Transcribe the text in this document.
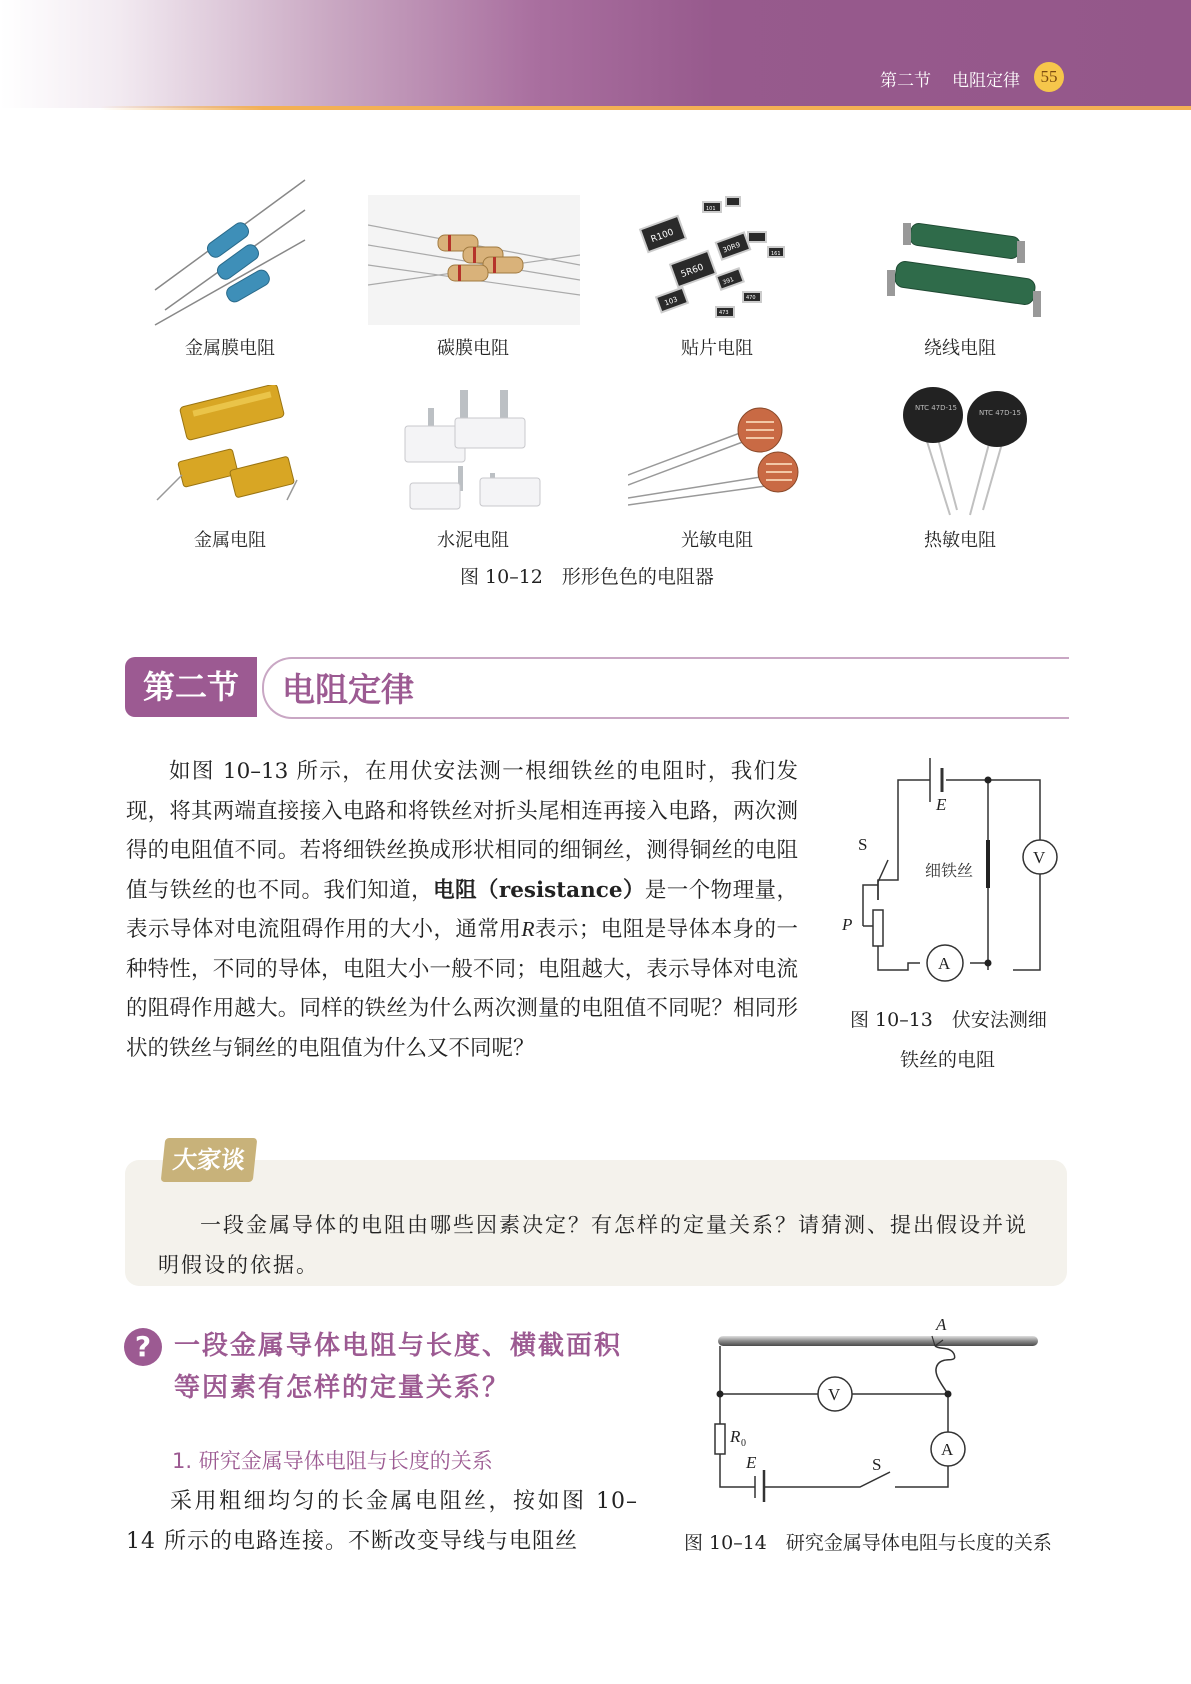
第二节 电阻定律	55
R100
5R60
30R9
103
391
473
161
470
101
NTC 47D-15
NTC 47D-15
金属膜电阻	碳膜电阻	贴片电阻	绕线电阻
金属电阻	水泥电阻	光敏电阻	热敏电阻
图 10–12　形形色色的电阻器
第二节	电阻定律

如图 10–13 所示，在用伏安法测一根细铁丝的电阻时，我们发现，将其两端直接接入电路和将铁丝对折头尾相连再接入电路，两次测得的电阻值不同。若将细铁丝换成形状相同的细铜丝，测得铜丝的电阻值与铁丝的也不同。我们知道，电阻（resistance）是一个物理量，表示导体对电流阻碍作用的大小，通常用R表示；电阻是导体本身的一种特性，不同的导体，电阻大小一般不同；电阻越大，表示导体对电流的阻碍作用越大。同样的铁丝为什么两次测量的电阻值不同呢？相同形状的铁丝与铜丝的电阻值为什么又不同呢？

E
S
V
A
P
细铁丝
图 10–13　伏安法测细
铁丝的电阻
大家谈
一段金属导体的电阻由哪些因素决定？有怎样的定量关系？请猜测、提出假设并说明假设的依据。
? 一段金属导体电阻与长度、横截面积
等因素有怎样的定量关系？
1. 研究金属导体电阻与长度的关系

采用粗细均匀的长金属电阻丝，按如图 10–14 所示的电路连接。不断改变导线与电阻丝

A
V
A
R 0
E	S
图 10–14　研究金属导体电阻与长度的关系
